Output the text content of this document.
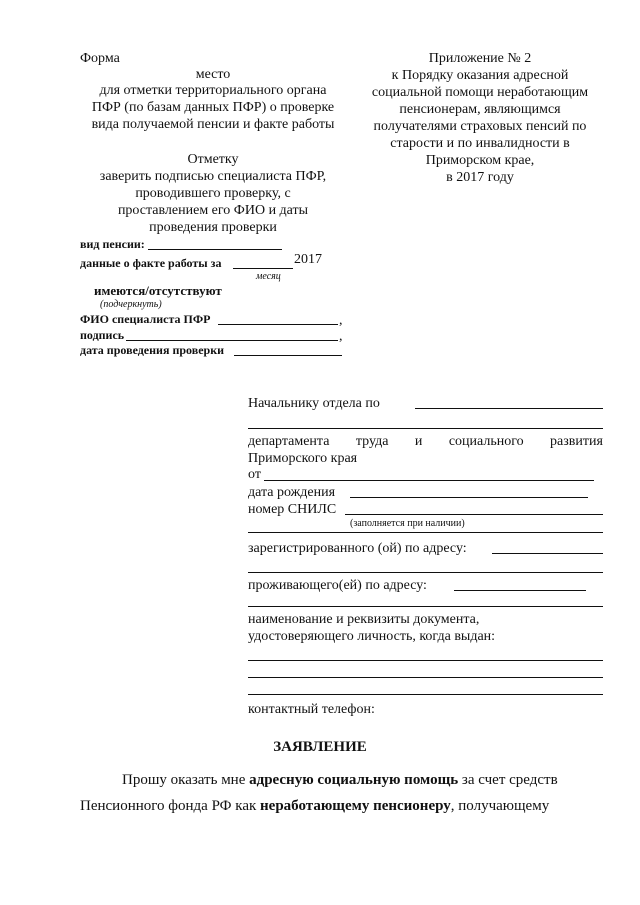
Форма
место
для отметки территориального органа
ПФР (по базам данных ПФР) о проверке
вида получаемой пенсии и факте работы
Отметку
заверить подписью специалиста ПФР,
проводившего проверку, с
проставлением его ФИО и даты
проведения проверки
вид пенсии:
данные о факте работы за	2017
месяц
имеются/отсутствуют
(подчеркнуть)
ФИО специалиста ПФР	,
подпись	,
дата проведения проверки
Приложение № 2
к Порядку оказания адресной
социальной помощи неработающим
пенсионерам, являющимся
получателями страховых пенсий по
старости и по инвалидности в
Приморском крае,
в 2017 году
Начальнику отдела по
департамента труда и социального развития
Приморского края
от
дата рождения
номер СНИЛС
(заполняется при наличии)
зарегистрированного (ой) по адресу:
проживающего(ей) по адресу:
наименование и реквизиты документа,
удостоверяющего личность, когда выдан:
контактный телефон:
ЗАЯВЛЕНИЕ
Прошу оказать мне адресную социальную помощь за счет средств
Пенсионного фонда РФ как неработающему пенсионеру, получающему
